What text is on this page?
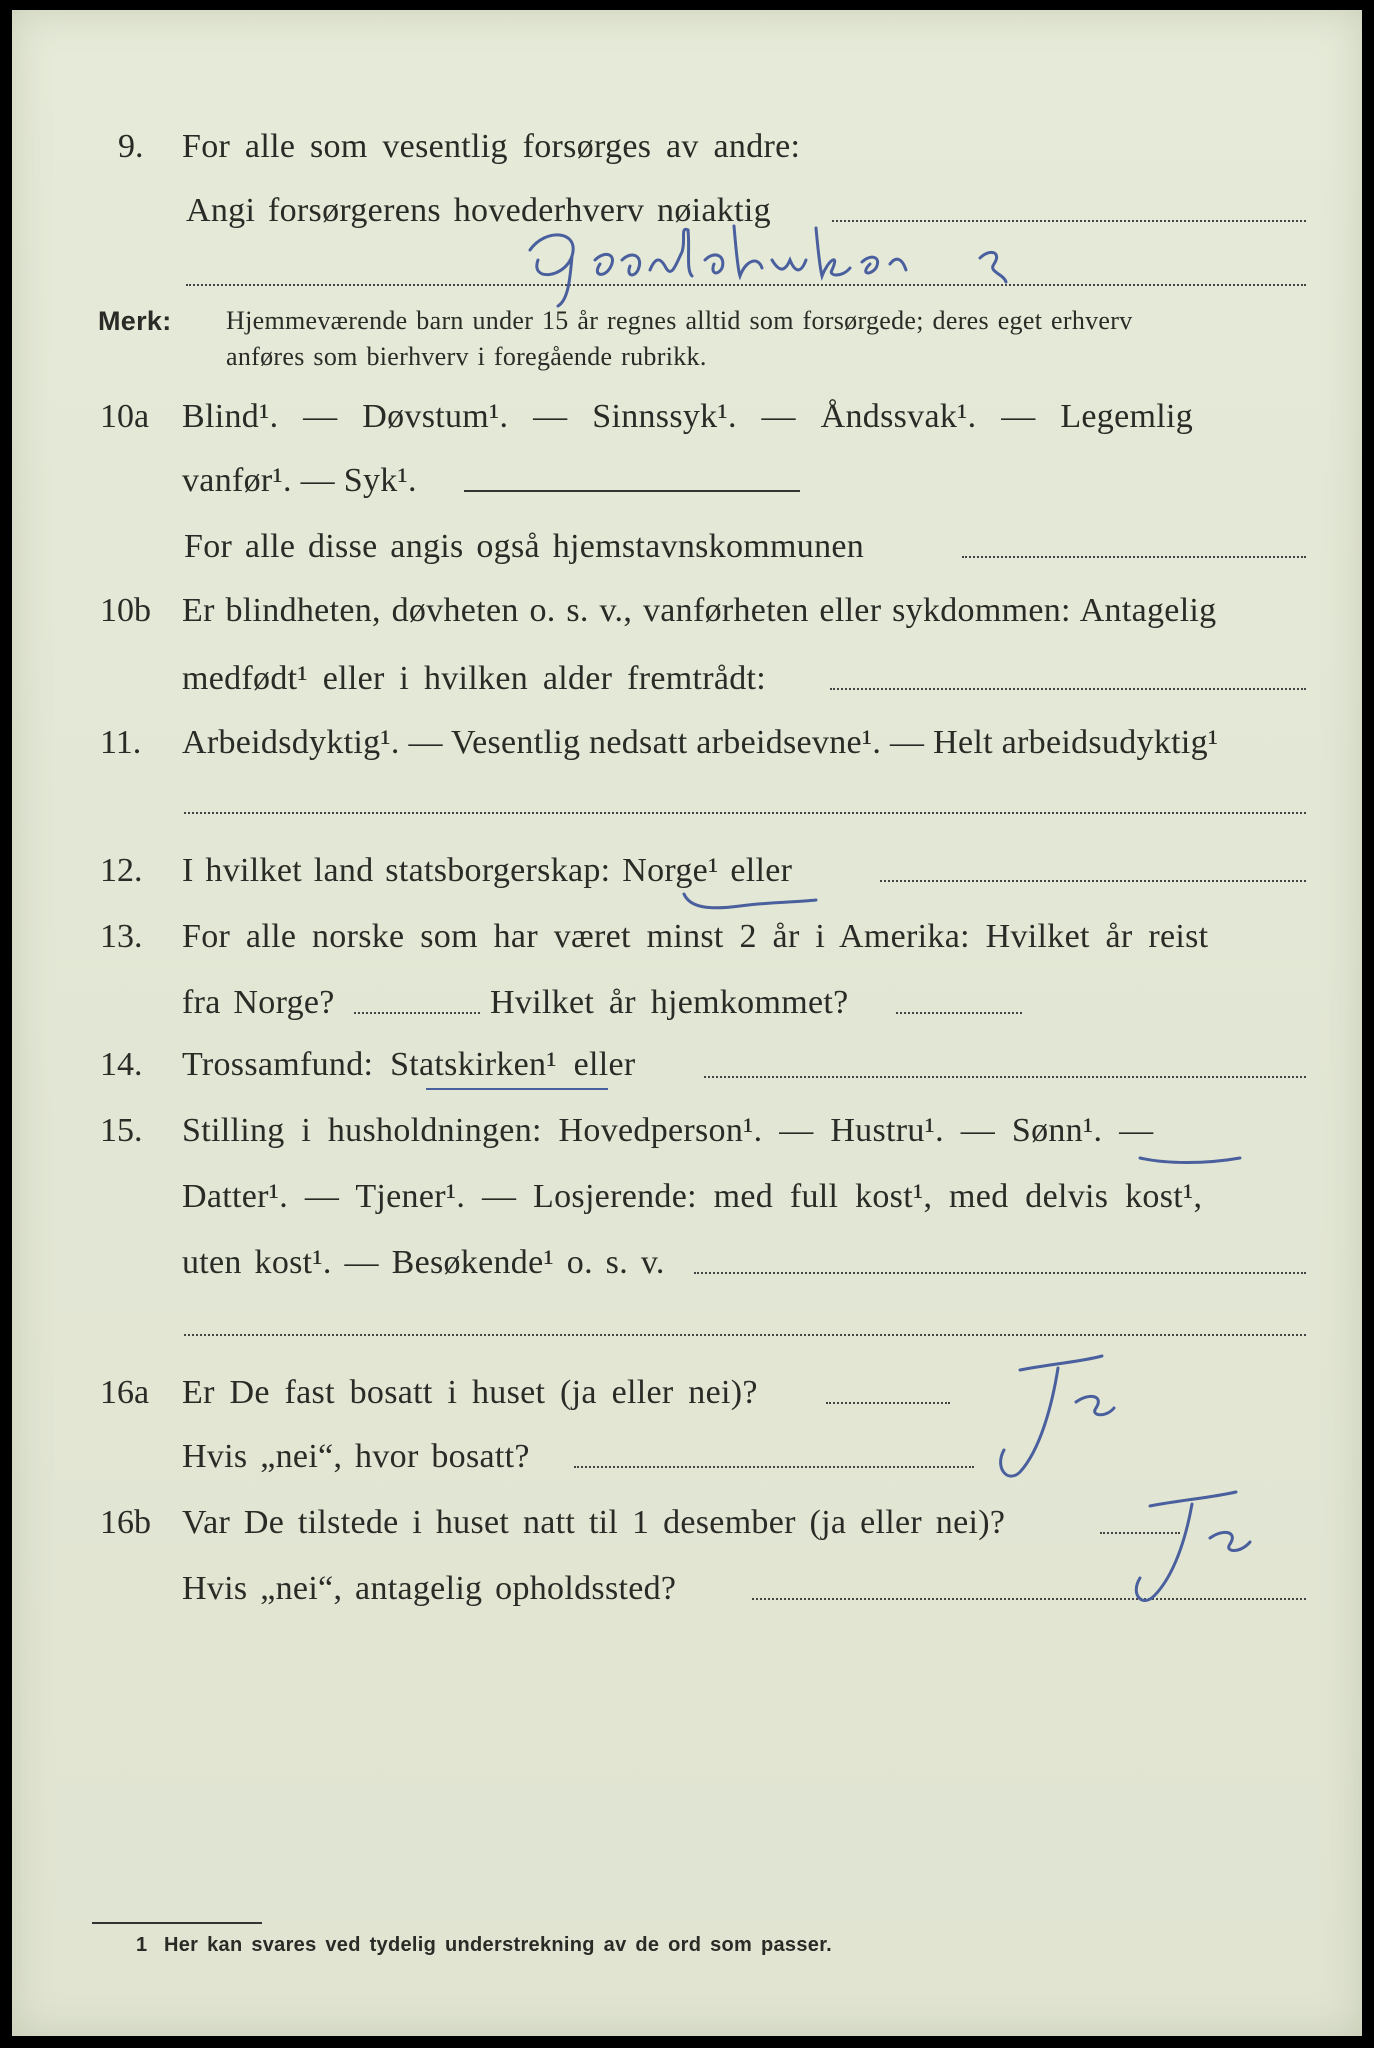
9. For alle som vesentlig forsørges av andre:
Angi forsørgerens hovederhverv nøiaktig
Merk: Hjemmeværende barn under 15 år regnes alltid som forsørgede; deres eget erhverv
anføres som bierhverv i foregående rubrikk.
10a Blind¹. — Døvstum¹. — Sinnssyk¹. — Åndssvak¹. — Legemlig
vanfør¹. — Syk¹.
For alle disse angis også hjemstavnskommunen
10b Er blindheten, døvheten o. s. v., vanførheten eller sykdommen: Antagelig
medfødt¹ eller i hvilken alder fremtrådt:
11. Arbeidsdyktig¹. — Vesentlig nedsatt arbeidsevne¹. — Helt arbeidsudyktig¹
12. I hvilket land statsborgerskap: Norge¹ eller
13. For alle norske som har været minst 2 år i Amerika: Hvilket år reist
fra Norge?	Hvilket år hjemkommet?
14. Trossamfund: Statskirken¹ eller
15. Stilling i husholdningen: Hovedperson¹. — Hustru¹. — Sønn¹. —
Datter¹. — Tjener¹. — Losjerende: med full kost¹, med delvis kost¹,
uten kost¹. — Besøkende¹ o. s. v.
16a Er De fast bosatt i huset (ja eller nei)?
Hvis „nei“, hvor bosatt?
16b Var De tilstede i huset natt til 1 desember (ja eller nei)?
Hvis „nei“, antagelig opholdssted?
1 Her kan svares ved tydelig understrekning av de ord som passer.
